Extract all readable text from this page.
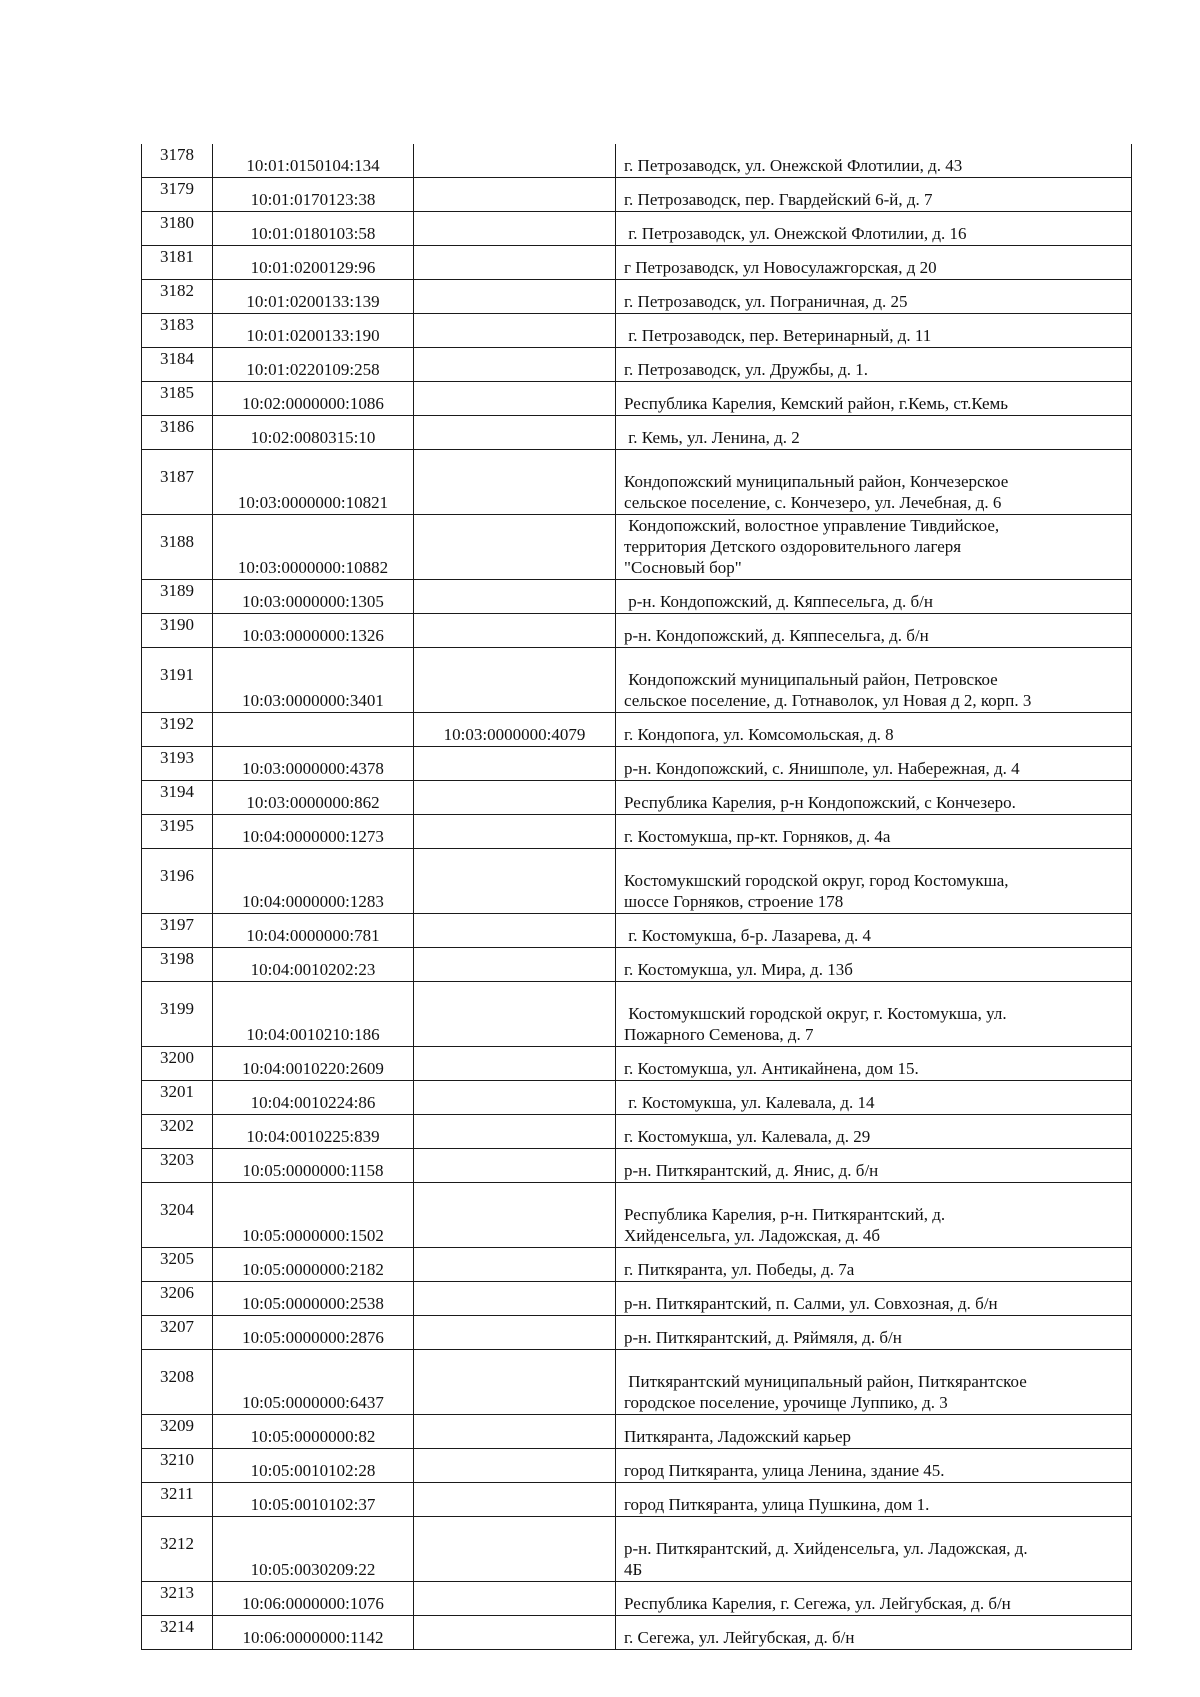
3178	10:01:0150104:134		г. Петрозаводск, ул. Онежской Флотилии, д. 43
3179	10:01:0170123:38		г. Петрозаводск, пер. Гвардейский 6-й, д. 7
3180	10:01:0180103:58		г. Петрозаводск, ул. Онежской Флотилии, д. 16
3181	10:01:0200129:96		г Петрозаводск, ул Новосулажгорская, д 20
3182	10:01:0200133:139		г. Петрозаводск, ул. Пограничная, д. 25
3183	10:01:0200133:190		г. Петрозаводск, пер. Ветеринарный, д. 11
3184	10:01:0220109:258		г. Петрозаводск, ул. Дружбы, д. 1.
3185	10:02:0000000:1086		Республика Карелия, Кемский район, г.Кемь, ст.Кемь
3186	10:02:0080315:10		г. Кемь, ул. Ленина, д. 2
3187	10:03:0000000:10821		Кондопожский муниципальный район, Кончезерское
сельское поселение, с. Кончезеро, ул. Лечебная, д. 6
3188	10:03:0000000:10882		Кондопожский, волостное управление Тивдийское,
территория Детского оздоровительного лагеря
"Сосновый бор"
3189	10:03:0000000:1305		р-н. Кондопожский, д. Кяппесельга, д. б/н
3190	10:03:0000000:1326		р-н. Кондопожский, д. Кяппесельга, д. б/н
3191	10:03:0000000:3401		Кондопожский муниципальный район, Петровское
сельское поселение, д. Готнаволок, ул Новая д 2, корп. 3
3192		10:03:0000000:4079	г. Кондопога, ул. Комсомольская, д. 8
3193	10:03:0000000:4378		р-н. Кондопожский, с. Янишполе, ул. Набережная, д. 4
3194	10:03:0000000:862		Республика Карелия, р-н Кондопожский, с Кончезеро.
3195	10:04:0000000:1273		г. Костомукша, пр-кт. Горняков, д. 4а
3196	10:04:0000000:1283		Костомукшский городской округ, город Костомукша,
шоссе Горняков, строение 178
3197	10:04:0000000:781		г. Костомукша, б-р. Лазарева, д. 4
3198	10:04:0010202:23		г. Костомукша, ул. Мира, д. 13б
3199	10:04:0010210:186		Костомукшский городской округ, г. Костомукша, ул.
Пожарного Семенова, д. 7
3200	10:04:0010220:2609		г. Костомукша, ул. Антикайнена, дом 15.
3201	10:04:0010224:86		г. Костомукша, ул. Калевала, д. 14
3202	10:04:0010225:839		г. Костомукша, ул. Калевала, д. 29
3203	10:05:0000000:1158		р-н. Питкярантский, д. Янис, д. б/н
3204	10:05:0000000:1502		Республика Карелия, р-н. Питкярантский, д.
Хийденсельга, ул. Ладожская, д. 4б
3205	10:05:0000000:2182		г. Питкяранта, ул. Победы, д. 7а
3206	10:05:0000000:2538		р-н. Питкярантский, п. Салми, ул. Совхозная, д. б/н
3207	10:05:0000000:2876		р-н. Питкярантский, д. Ряймяля, д. б/н
3208	10:05:0000000:6437		Питкярантский муниципальный район, Питкярантское
городское поселение, урочище Луппико, д. 3
3209	10:05:0000000:82		Питкяранта, Ладожский карьер
3210	10:05:0010102:28		город Питкяранта, улица Ленина, здание 45.
3211	10:05:0010102:37		город Питкяранта, улица Пушкина, дом 1.
3212	10:05:0030209:22		р-н. Питкярантский, д. Хийденсельга, ул. Ладожская, д.
4Б
3213	10:06:0000000:1076		Республика Карелия, г. Сегежа, ул. Лейгубская, д. б/н
3214	10:06:0000000:1142		г. Сегежа, ул. Лейгубская, д. б/н
